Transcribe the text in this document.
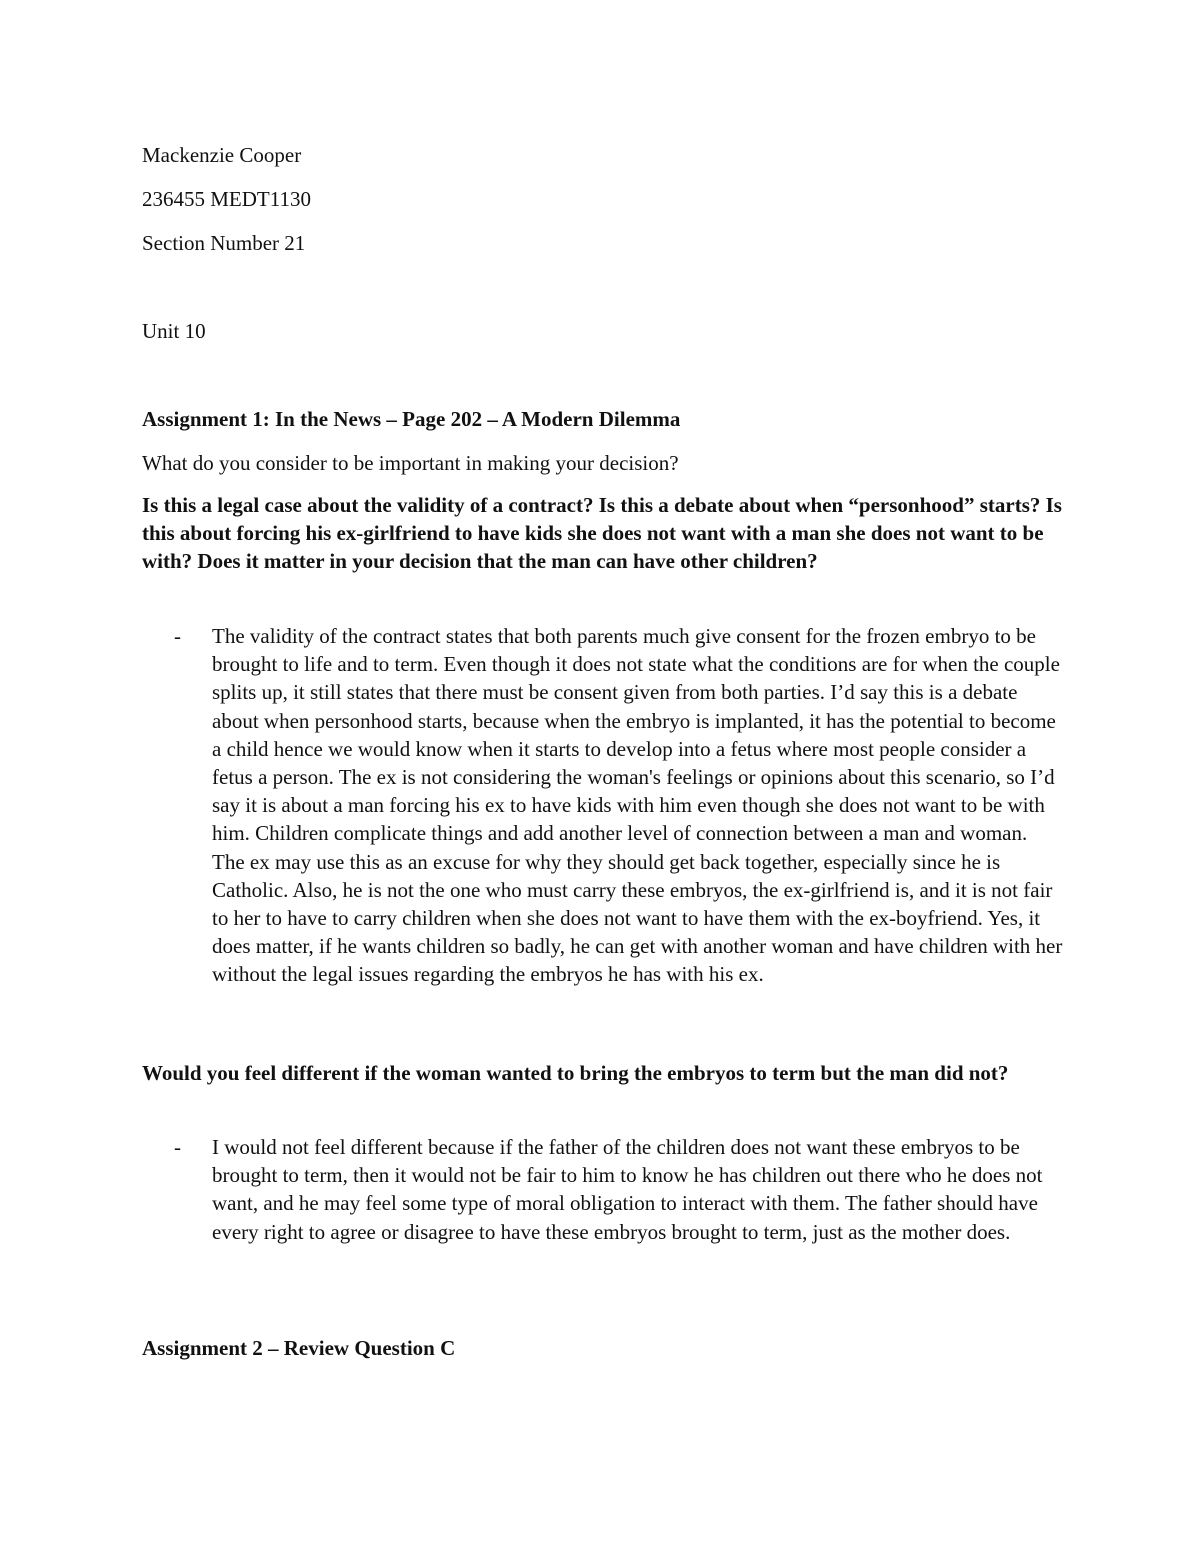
Mackenzie Cooper
236455 MEDT1130
Section Number 21
Unit 10
Assignment 1: In the News – Page 202 – A Modern Dilemma
What do you consider to be important in making your decision?
Is this a legal case about the validity of a contract? Is this a debate about when “personhood” starts? Is this about forcing his ex-girlfriend to have kids she does not want with a man she does not want to be with? Does it matter in your decision that the man can have other children?
- The validity of the contract states that both parents much give consent for the frozen embryo to be brought to life and to term. Even though it does not state what the conditions are for when the couple splits up, it still states that there must be consent given from both parties. I’d say this is a debate about when personhood starts, because when the embryo is implanted, it has the potential to become a child hence we would know when it starts to develop into a fetus where most people consider a fetus a person. The ex is not considering the woman's feelings or opinions about this scenario, so I’d say it is about a man forcing his ex to have kids with him even though she does not want to be with him. Children complicate things and add another level of connection between a man and woman. The ex may use this as an excuse for why they should get back together, especially since he is Catholic. Also, he is not the one who must carry these embryos, the ex-girlfriend is, and it is not fair to her to have to carry children when she does not want to have them with the ex-boyfriend. Yes, it does matter, if he wants children so badly, he can get with another woman and have children with her without the legal issues regarding the embryos he has with his ex.
Would you feel different if the woman wanted to bring the embryos to term but the man did not?
- I would not feel different because if the father of the children does not want these embryos to be brought to term, then it would not be fair to him to know he has children out there who he does not want, and he may feel some type of moral obligation to interact with them. The father should have every right to agree or disagree to have these embryos brought to term, just as the mother does.
Assignment 2 – Review Question C
